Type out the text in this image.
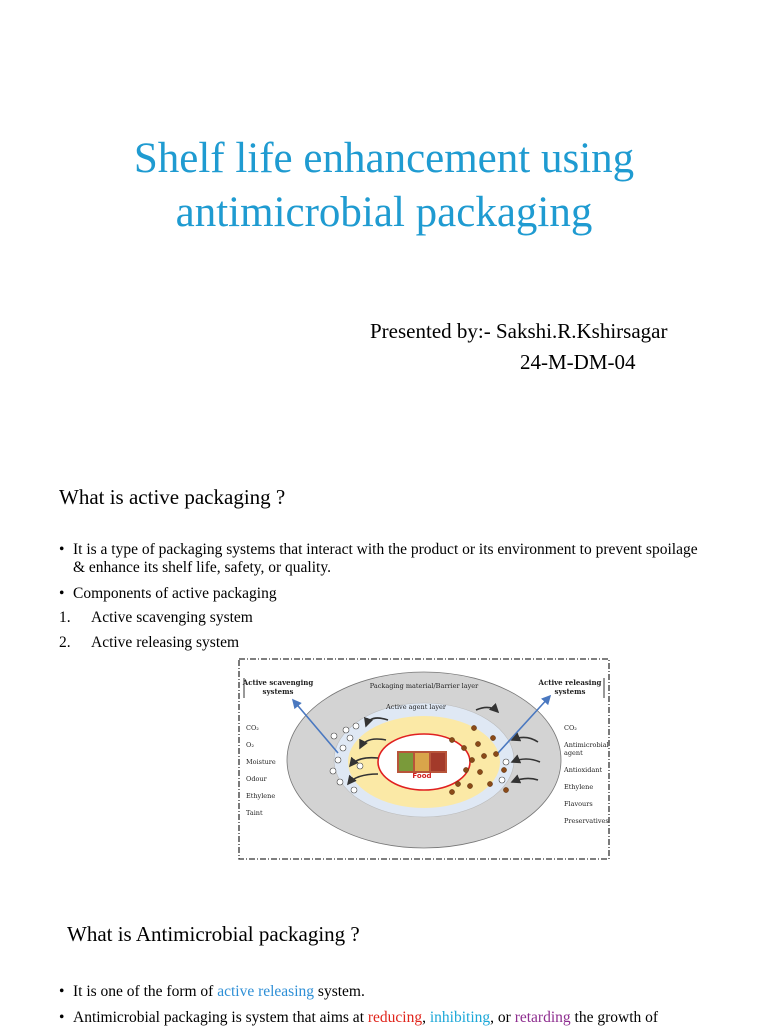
Shelf life enhancement using
antimicrobial packaging
Presented by:- Sakshi.R.Kshirsagar
24-M-DM-04
What is active packaging ?
• It is a type of packaging systems that interact with the product or its environment to prevent spoilage & enhance its shelf life, safety, or quality.
• Components of active packaging
1. Active scavenging system
2. Active releasing system
Food
Packaging material/Barrier layer
Active agent layer
Active scavenging
systems
Active releasing
systems
CO₂
O₂
Moisture
Odour
Ethylene
Taint
CO₂
Antimicrobial
agent
Antioxidant
Ethylene
Flavours
Preservatives
What is Antimicrobial packaging ?
• It is one of the form of active releasing system.
• Antimicrobial packaging is system that aims at reducing, inhibiting, or retarding the growth of
